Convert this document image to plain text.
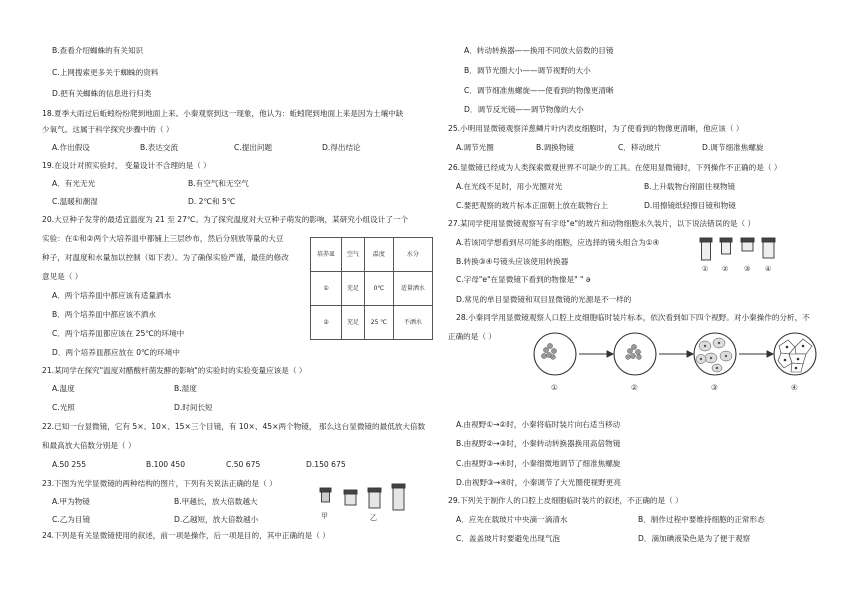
B.查看介绍蜘蛛的有关知识
C.上网搜索更多关于蜘蛛的资料
D.把有关蜘蛛的信息进行归类
18.夏季大雨过后蚯蚓纷纷爬到地面上来。小秦观察到这一现象，他认为：蚯蚓爬到地面上来是因为土壤中缺
少氧气。这属于科学探究步骤中的（ ）
A.作出假设	B.表达交流	C.提出问题	D.得出结论
19.在设计对照实验时， 变量设计不合理的是（ ）
A．有光无光	B.有空气和无空气
C.温暖和潮湿	D. 2℃和 5℃
20.大豆种子发芽的最适宜温度为 21 至 27℃。为了探究温度对大豆种子萌发的影响，某研究小组设计了一个
实验：在①和②两个大培养皿中都铺上三层纱布，然后分别放等量的大豆
种子，对温度和水量加以控制（如下表）。为了确保实验严谨，最佳的修改
意见是（ ）
A．两个培养皿中都应该有适量洒水
B．两个培养皿中都应该不洒水
C．两个培养皿都应该在 25℃的环境中
D．两个培养皿都应放在 0℃的环境中
培养皿	空气	温度	水分
①	充足	0℃	适量洒水
②	充足	25 ℃	不洒水
21.某同学在探究"温度对醋酸杆菌发酵的影响"的实验时的实验变量应该是（ ）
A.温度	B.湿度
C.光照	D.时间长短
22.已知一台显微镜，它有 5×、10×、15×三个目镜，有 10×、45×两个物镜， 那么这台显微镜的最低放大倍数
和最高放大倍数分别是（ ）
A.50 255	B.100 450	C.50 675	D.150 675
23.下图为光学显微镜的两种结构的图片，下列有关说法正确的是（ ）
A.甲为物镜	B.甲越长，放大倍数越大
C.乙为目镜	D.乙越短，放大倍数越小	甲	乙
24.下列是有关显微镜使用的叙述，前一项是操作，后一项是目的，其中正确的是（ ）
A．转动转换器——换用不同放大倍数的目镜
B．调节光圈大小——调节视野的大小
C．调节细准焦螺旋——使看到的物像更清晰
D．调节反光镜——调节物像的大小
25.小明用显微镜观察洋葱鳞片叶内表皮细胞时，为了使看到的物像更清晰，他应该（ ）
A.调节光圈	B.调换物镜	C．移动玻片	D.调节细准焦螺旋
26.显微镜已经成为人类探索微观世界不可缺少的工具。在使用显微镜时，下列操作不正确的是（ ）
A.在光线不足时，用小光圈对光	B.上升载物台削面往视物镜
C.要把观察的玻片标本正面朝上放在载物台上	D.用擦镜纸轻擦目镜和物镜
27.某同学使用显微镜观察写有字母"e"的玻片和动物细胞永久装片，以下说法错误的是（ ）
A.若该同学想看到尽可能多的细胞，应选择的镜头组合为①④
B.转换③④号镜头应该使用转换器
C.字母"e"在显微镜下看到的物像是" " ə
D.常见的单目显微镜和双目显微镜的光源是不一样的
① ② ③ ④
28.小秦同学用显微镜观察人口腔上皮细胞临时装片标本，依次看到如下四个视野。对小秦操作的分析，不
正确的是（ ）
①	②	③	④
A.由视野①→②时，小秦将临时装片向右适当移动
B.由视野②→③时，小秦转动转换器换用高倍物镜
C.由视野③→④时，小秦细微地调节了细准焦螺旋
D.由视野③→④时，小秦调节了大光圈使视野更亮
29.下列关于制作人的口腔上皮细胞临时装片的叙述，不正确的是（ ）
A．应先在载玻片中央滴一滴清水	B．制作过程中要维持细胞的正常形态
C．盖盖玻片时要避免出现气泡	D．滴加碘液染色是为了便于观察
